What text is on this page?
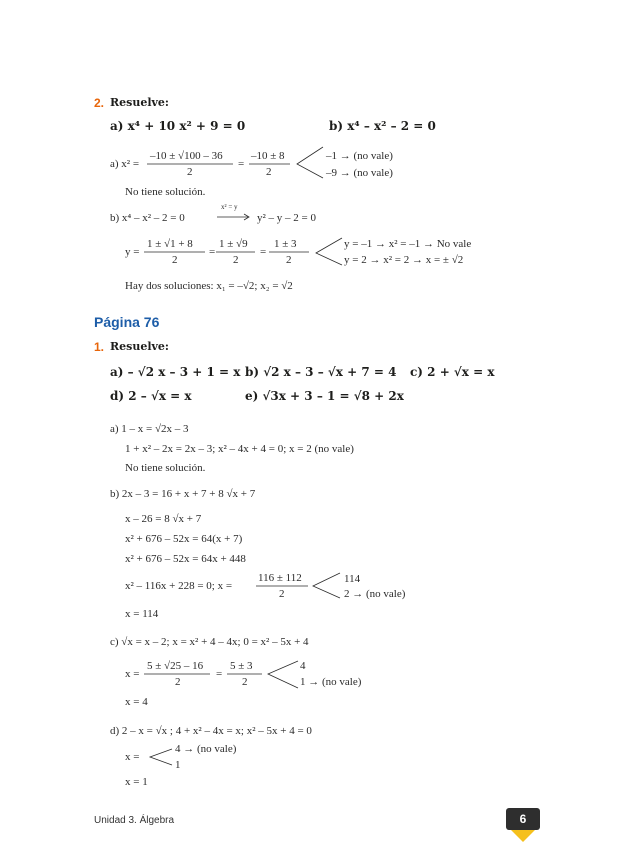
2. Resuelve:
a) x⁴ + 10 x² + 9 = 0	b) x⁴ – x² – 2 = 0
a) x² =
–10 ± √100 – 36
2
=
–10 ± 8
2
–1 → (no vale)
–9 → (no vale)
No tiene solución.
b) x⁴ – x² – 2 = 0
x² = y
y² – y – 2 = 0
y =
1 ± √1 + 8
2
=
1 ± √9
2
=
1 ± 3
2
y = –1 → x² = –1 → No vale
y = 2 → x² = 2 → x = ± √2
Hay dos soluciones: x₁ = –√2; x₂ = √2
Página 76
1. Resuelve:
a) – √2 x – 3 + 1 = x b) √2 x – 3 – √x + 7 = 4 c) 2 + √x = x
d) 2 – √x = x	e) √3x + 3 – 1 = √8 + 2x
a) 1 – x = √2x – 3
1 + x² – 2x = 2x – 3; x² – 4x + 4 = 0; x = 2 (no vale)
No tiene solución.
b) 2x – 3 = 16 + x + 7 + 8 √x + 7
x – 26 = 8 √x + 7
x² + 676 – 52x = 64(x + 7)
x² + 676 – 52x = 64x + 448
x² – 116x + 228 = 0; x =
116 ± 112
2
114
2 → (no vale)
x = 114
c) √x = x – 2; x = x² + 4 – 4x; 0 = x² – 5x + 4
x =
5 ± √25 – 16
2
=
5 ± 3
2
4
1 → (no vale)
x = 4
d) 2 – x = √x ; 4 + x² – 4x = x; x² – 5x + 4 = 0
x =
4 → (no vale)
1
x = 1
Unidad 3. Álgebra	6
